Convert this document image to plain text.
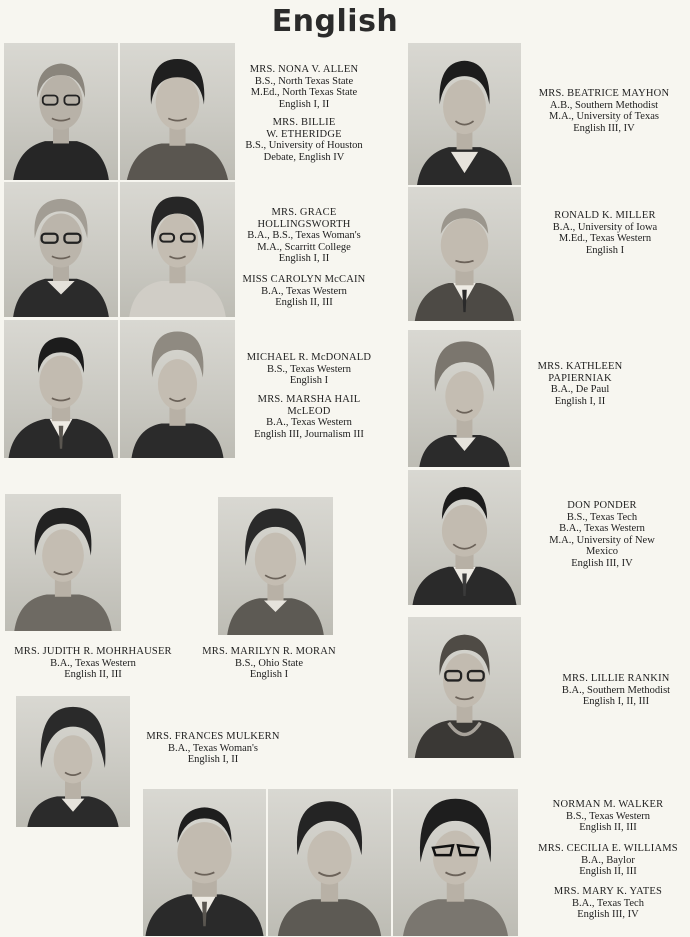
English
MRS. NONA V. ALLEN
B.S., North Texas State
M.Ed., North Texas State
English I, II
MRS. BILLIE
W. ETHERIDGE
B.S., University of Houston
Debate, English IV
MRS. BEATRICE MAYHON
A.B., Southern Methodist
M.A., University of Texas
English III, IV
MRS. GRACE
HOLLINGSWORTH
B.A., B.S., Texas Woman's
M.A., Scarritt College
English I, II
MISS CAROLYN McCAIN
B.A., Texas Western
English II, III
RONALD K. MILLER
B.A., University of Iowa
M.Ed., Texas Western
English I
MICHAEL R. McDONALD
B.S., Texas Western
English I
MRS. MARSHA HAIL
McLEOD
B.A., Texas Western
English III, Journalism III
MRS. KATHLEEN
PAPIERNIAK
B.A., De Paul
English I, II
DON PONDER
B.S., Texas Tech
B.A., Texas Western
M.A., University of New
Mexico
English III, IV
MRS. JUDITH R. MOHRHAUSER
B.A., Texas Western
English II, III
MRS. MARILYN R. MORAN
B.S., Ohio State
English I	MRS. LILLIE RANKIN
B.A., Southern Methodist
English I, II, III
MRS. FRANCES MULKERN
B.A., Texas Woman's
English I, II
NORMAN M. WALKER
B.S., Texas Western
English II, III
MRS. CECILIA E. WILLIAMS
B.A., Baylor
English II, III
MRS. MARY K. YATES
B.A., Texas Tech
English III, IV
